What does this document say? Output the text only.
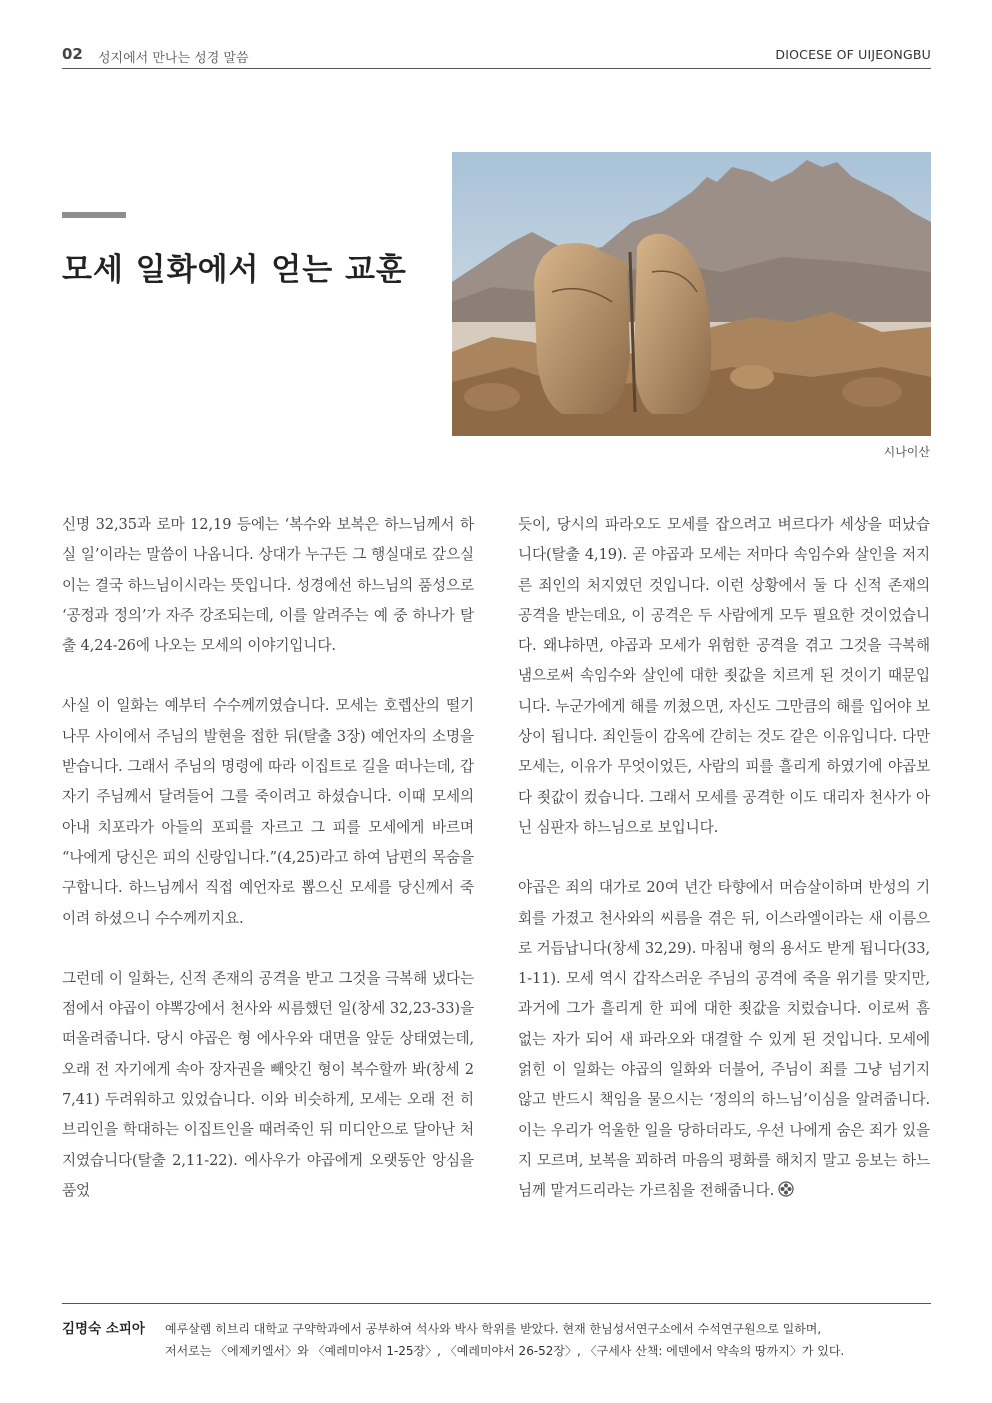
02 성지에서 만나는 성경 말씀	DIOCESE OF UIJEONGBU
모세 일화에서 얻는 교훈
시나이산

신명 32,35과 로마 12,19 등에는 ‘복수와 보복은 하느님께서 하실 일’이라는 말씀이 나옵니다. 상대가 누구든 그 행실대로 갚으실 이는 결국 하느님이시라는 뜻입니다. 성경에선 하느님의 품성으로 ‘공정과 정의’가 자주 강조되는데, 이를 알려주는 예 중 하나가 탈출 4,24-26에 나오는 모세의 이야기입니다.

사실 이 일화는 예부터 수수께끼였습니다. 모세는 호렙산의 떨기나무 사이에서 주님의 발현을 접한 뒤(탈출 3장) 예언자의 소명을 받습니다. 그래서 주님의 명령에 따라 이집트로 길을 떠나는데, 갑자기 주님께서 달려들어 그를 죽이려고 하셨습니다. 이때 모세의 아내 치포라가 아들의 포피를 자르고 그 피를 모세에게 바르며 “나에게 당신은 피의 신랑입니다.”(4,25)라고 하여 남편의 목숨을 구합니다. 하느님께서 직접 예언자로 뽑으신 모세를 당신께서 죽이려 하셨으니 수수께끼지요.

그런데 이 일화는, 신적 존재의 공격을 받고 그것을 극복해 냈다는 점에서 야곱이 야뽁강에서 천사와 씨름했던 일(창세 32,23-33)을 떠올려줍니다. 당시 야곱은 형 에사우와 대면을 앞둔 상태였는데, 오래 전 자기에게 속아 장자권을 빼앗긴 형이 복수할까 봐(창세 27,41) 두려워하고 있었습니다. 이와 비슷하게, 모세는 오래 전 히브리인을 학대하는 이집트인을 때려죽인 뒤 미디안으로 달아난 처지였습니다(탈출 2,11-22). 에사우가 야곱에게 오랫동안 앙심을 품었

듯이, 당시의 파라오도 모세를 잡으려고 벼르다가 세상을 떠났습니다(탈출 4,19). 곧 야곱과 모세는 저마다 속임수와 살인을 저지른 죄인의 처지였던 것입니다. 이런 상황에서 둘 다 신적 존재의 공격을 받는데요, 이 공격은 두 사람에게 모두 필요한 것이었습니다. 왜냐하면, 야곱과 모세가 위험한 공격을 겪고 그것을 극복해 냄으로써 속임수와 살인에 대한 죗값을 치르게 된 것이기 때문입니다. 누군가에게 해를 끼쳤으면, 자신도 그만큼의 해를 입어야 보상이 됩니다. 죄인들이 감옥에 갇히는 것도 같은 이유입니다. 다만 모세는, 이유가 무엇이었든, 사람의 피를 흘리게 하였기에 야곱보다 죗값이 컸습니다. 그래서 모세를 공격한 이도 대리자 천사가 아닌 심판자 하느님으로 보입니다.

야곱은 죄의 대가로 20여 년간 타향에서 머슴살이하며 반성의 기회를 가졌고 천사와의 씨름을 겪은 뒤, 이스라엘이라는 새 이름으로 거듭납니다(창세 32,29). 마침내 형의 용서도 받게 됩니다(33,1-11). 모세 역시 갑작스러운 주님의 공격에 죽을 위기를 맞지만, 과거에 그가 흘리게 한 피에 대한 죗값을 치렀습니다. 이로써 흠 없는 자가 되어 새 파라오와 대결할 수 있게 된 것입니다. 모세에 얽힌 이 일화는 야곱의 일화와 더불어, 주님이 죄를 그냥 넘기지 않고 반드시 책임을 물으시는 ‘정의의 하느님’이심을 알려줍니다. 이는 우리가 억울한 일을 당하더라도, 우선 나에게 숨은 죄가 있을지 모르며, 보복을 꾀하려 마음의 평화를 해치지 말고 응보는 하느님께 맡겨드리라는 가르침을 전해줍니다.

김명숙 소피아 예루살렘 히브리 대학교 구약학과에서 공부하여 석사와 박사 학위를 받았다. 현재 한님성서연구소에서 수석연구원으로 일하며,
저서로는 〈에제키엘서〉와 〈예레미야서 1-25장〉, 〈예레미야서 26-52장〉, 〈구세사 산책: 에덴에서 약속의 땅까지〉가 있다.
